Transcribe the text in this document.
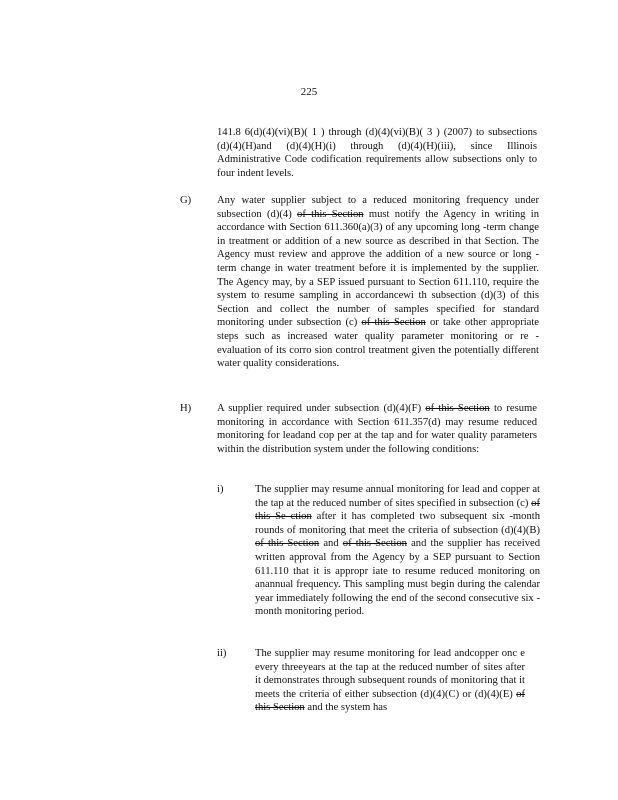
225
141.8 6(d)(4)(vi)(B)( 1 ) through (d)(4)(vi)(B)( 3 ) (2007) to subsections (d)(4)(H)and (d)(4)(H)(i) through (d)(4)(H)(iii), since Illinois Administrative Code codification requirements allow subsections only to four indent levels.
G) Any water supplier subject to a reduced monitoring frequency under subsection (d)(4) of this Section must notify the Agency in writing in accordance with Section 611.360(a)(3) of any upcoming long -term change in treatment or addition of a new source as described in that Section. The Agency must review and approve the addition of a new source or long -term change in water treatment before it is implemented by the supplier. The Agency may, by a SEP issued pursuant to Section 611.110, require the system to resume sampling in accordancewi th subsection (d)(3) of this Section and collect the number of samples specified for standard monitoring under subsection (c) of this Section or take other appropriate steps such as increased water quality parameter monitoring or re -evaluation of its corro sion control treatment given the potentially different water quality considerations.
H) A supplier required under subsection (d)(4)(F) of this Section to resume monitoring in accordance with Section 611.357(d) may resume reduced monitoring for leadand cop per at the tap and for water quality parameters within the distribution system under the following conditions:
i)	The supplier may resume annual monitoring for lead and copper at the tap at the reduced number of sites specified in subsection (c) of this Se ction after it has completed two subsequent six -month rounds of monitoring that meet the criteria of subsection (d)(4)(B) of this Section and of this Section and the supplier has received written approval from the Agency by a SEP pursuant to Section 611.110 that it is appropr iate to resume reduced monitoring on anannual frequency. This sampling must begin during the calendar year immediately following the end of the second consecutive six -month monitoring period.
ii)	The supplier may resume monitoring for lead andcopper onc e every threeyears at the tap at the reduced number of sites after it demonstrates through subsequent rounds of monitoring that it meets the criteria of either subsection (d)(4)(C) or (d)(4)(E) of this Section and the system has
